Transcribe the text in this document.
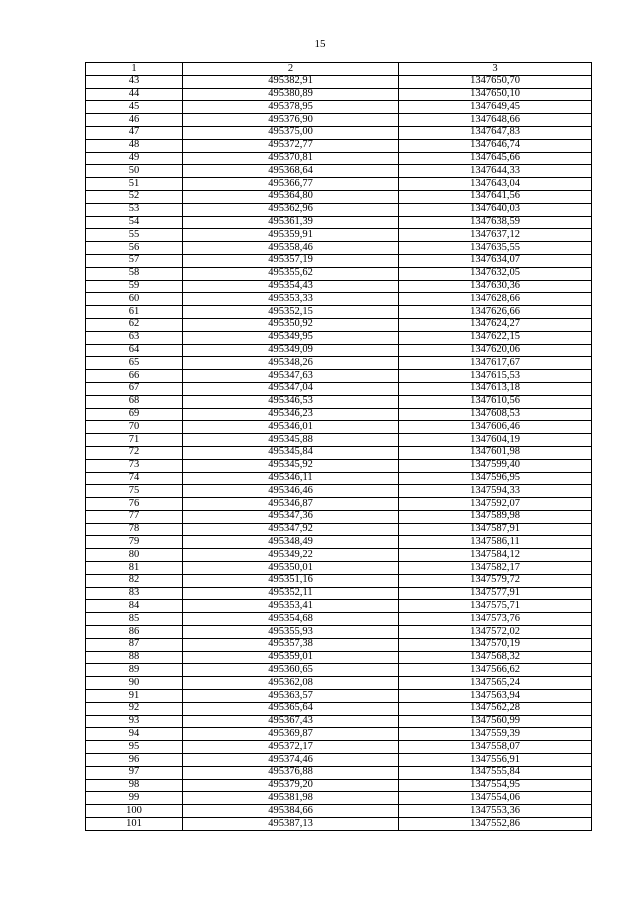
15
1	2	3
43	495382,91	1347650,70
44	495380,89	1347650,10
45	495378,95	1347649,45
46	495376,90	1347648,66
47	495375,00	1347647,83
48	495372,77	1347646,74
49	495370,81	1347645,66
50	495368,64	1347644,33
51	495366,77	1347643,04
52	495364,80	1347641,56
53	495362,96	1347640,03
54	495361,39	1347638,59
55	495359,91	1347637,12
56	495358,46	1347635,55
57	495357,19	1347634,07
58	495355,62	1347632,05
59	495354,43	1347630,36
60	495353,33	1347628,66
61	495352,15	1347626,66
62	495350,92	1347624,27
63	495349,95	1347622,15
64	495349,09	1347620,06
65	495348,26	1347617,67
66	495347,63	1347615,53
67	495347,04	1347613,18
68	495346,53	1347610,56
69	495346,23	1347608,53
70	495346,01	1347606,46
71	495345,88	1347604,19
72	495345,84	1347601,98
73	495345,92	1347599,40
74	495346,11	1347596,95
75	495346,46	1347594,33
76	495346,87	1347592,07
77	495347,36	1347589,98
78	495347,92	1347587,91
79	495348,49	1347586,11
80	495349,22	1347584,12
81	495350,01	1347582,17
82	495351,16	1347579,72
83	495352,11	1347577,91
84	495353,41	1347575,71
85	495354,68	1347573,76
86	495355,93	1347572,02
87	495357,38	1347570,19
88	495359,01	1347568,32
89	495360,65	1347566,62
90	495362,08	1347565,24
91	495363,57	1347563,94
92	495365,64	1347562,28
93	495367,43	1347560,99
94	495369,87	1347559,39
95	495372,17	1347558,07
96	495374,46	1347556,91
97	495376,88	1347555,84
98	495379,20	1347554,95
99	495381,98	1347554,06
100	495384,66	1347553,36
101	495387,13	1347552,86
